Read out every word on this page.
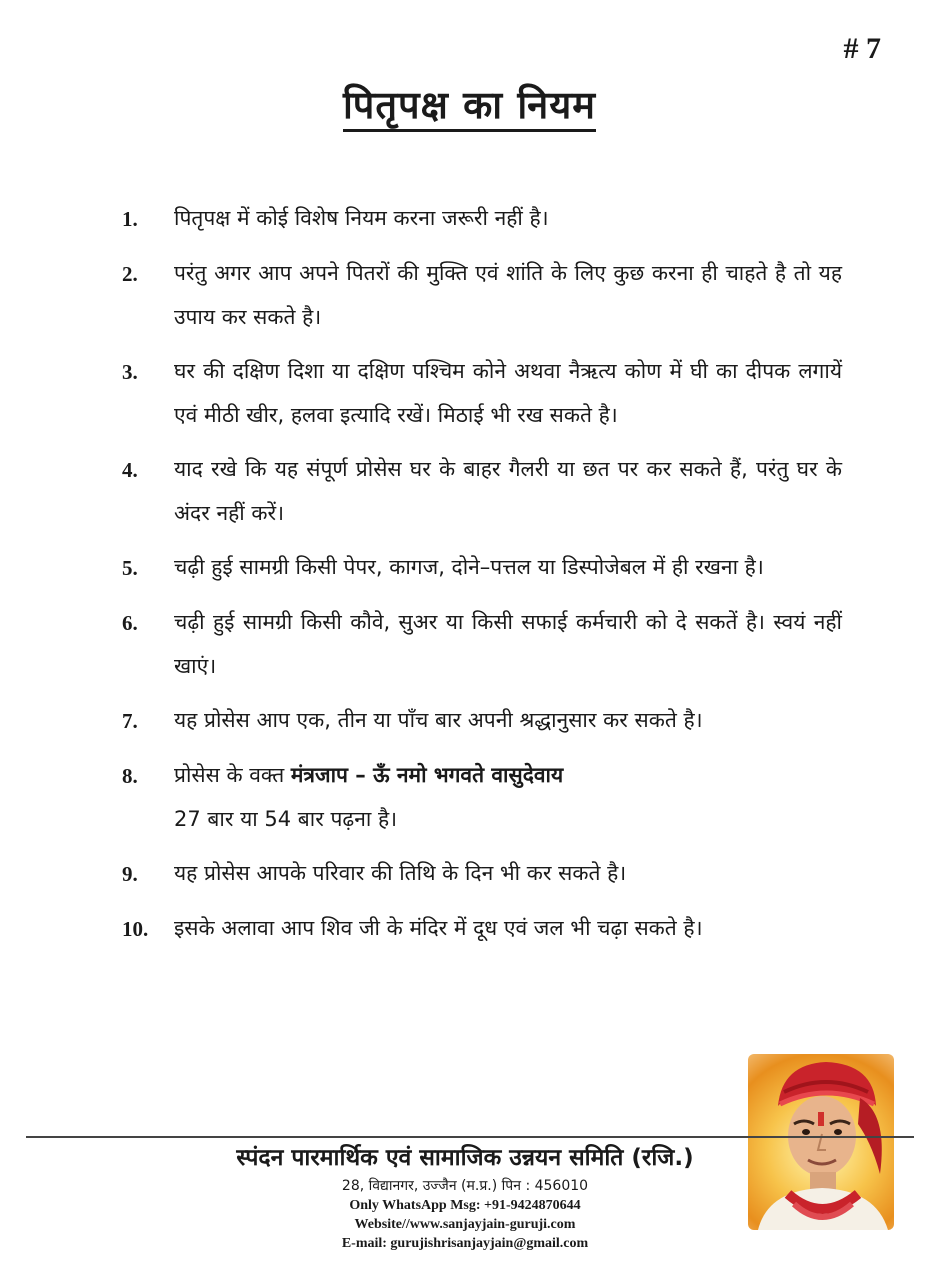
# 7
पितृपक्ष का नियम
1.	पितृपक्ष में कोई विशेष नियम करना जरूरी नहीं है।
2.	परंतु अगर आप अपने पितरों की मुक्ति एवं शांति के लिए कुछ करना ही चाहते है तो यह उपाय कर सकते है।
3.	घर की दक्षिण दिशा या दक्षिण पश्चिम कोने अथवा नैऋत्य कोण में घी का दीपक लगायें एवं मीठी खीर, हलवा इत्यादि रखें। मिठाई भी रख सकते है।
4.	याद रखे कि यह संपूर्ण प्रोसेस घर के बाहर गैलरी या छत पर कर सकते हैं, परंतु घर के अंदर नहीं करें।
5.	चढ़ी हुई सामग्री किसी पेपर, कागज, दोने–पत्तल या डिस्पोजेबल में ही रखना है।
6.	चढ़ी हुई सामग्री किसी कौवे, सुअर या किसी सफाई कर्मचारी को दे सकतें है। स्वयं नहीं खाएं।
7.	यह प्रोसेस आप एक, तीन या पाँच बार अपनी श्रद्धानुसार कर सकते है।
8.	प्रोसेस के वक्त मंत्रजाप – ऊँ नमो भगवते वासुदेवाय
27 बार या 54 बार पढ़ना है।
9.	यह प्रोसेस आपके परिवार की तिथि के दिन भी कर सकते है।
10.	इसके अलावा आप शिव जी के मंदिर में दूध एवं जल भी चढ़ा सकते है।
स्पंदन पारमार्थिक एवं सामाजिक उन्नयन समिति (रजि.)
28, विद्यानगर, उज्जैन (म.प्र.) पिन : 456010
Only WhatsApp Msg: +91-9424870644
Website//www.sanjayjain-guruji.com
E-mail: gurujishrisanjayjain@gmail.com
